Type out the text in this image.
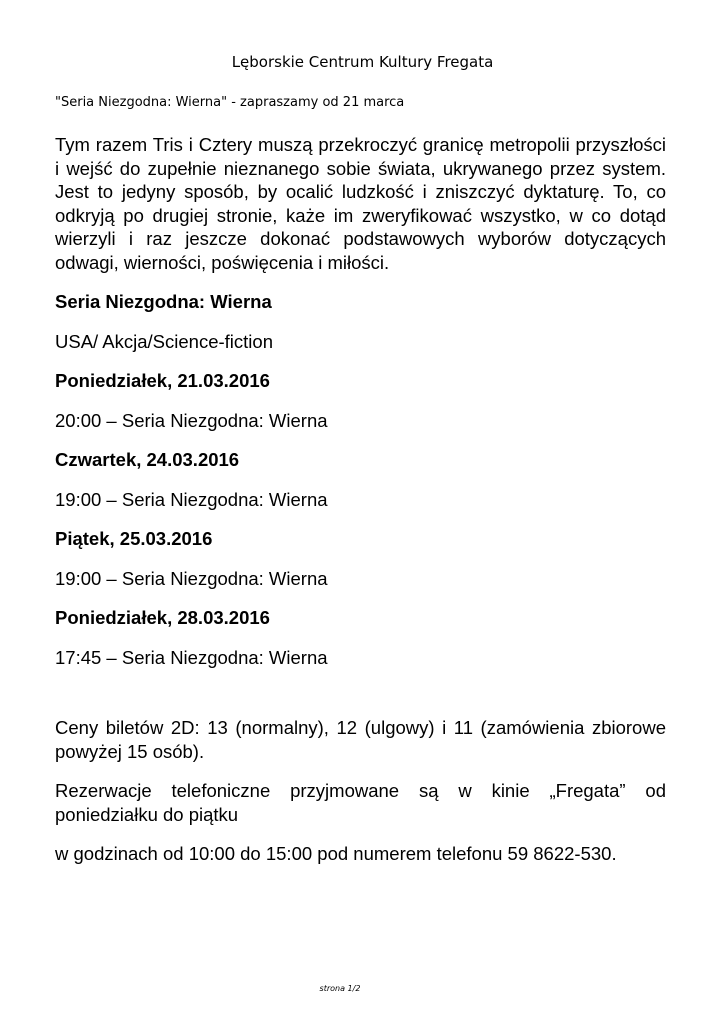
Lęborskie Centrum Kultury Fregata
"Seria Niezgodna: Wierna" - zapraszamy od 21 marca

Tym razem Tris i Cztery muszą przekroczyć granicę metropolii przyszłości i wejść do zupełnie nieznanego sobie świata, ukrywanego przez system. Jest to jedyny sposób, by ocalić ludzkość i zniszczyć dyktaturę. To, co odkryją po drugiej stronie, każe im zweryfikować wszystko, w co dotąd wierzyli i raz jeszcze dokonać podstawowych wyborów dotyczących odwagi, wierności, poświęcenia i miłości.

Seria Niezgodna: Wierna

USA/ Akcja/Science-fiction

Poniedziałek, 21.03.2016

20:00 – Seria Niezgodna: Wierna

Czwartek, 24.03.2016

19:00 – Seria Niezgodna: Wierna

Piątek, 25.03.2016

19:00 – Seria Niezgodna: Wierna

Poniedziałek, 28.03.2016

17:45 – Seria Niezgodna: Wierna

Ceny biletów 2D: 13 (normalny), 12 (ulgowy) i 11 (zamówienia zbiorowe powyżej 15 osób).

Rezerwacje telefoniczne przyjmowane są w kinie „Fregata” od poniedziałku do piątku

w godzinach od 10:00 do 15:00 pod numerem telefonu 59 8622-530.

strona 1/2
